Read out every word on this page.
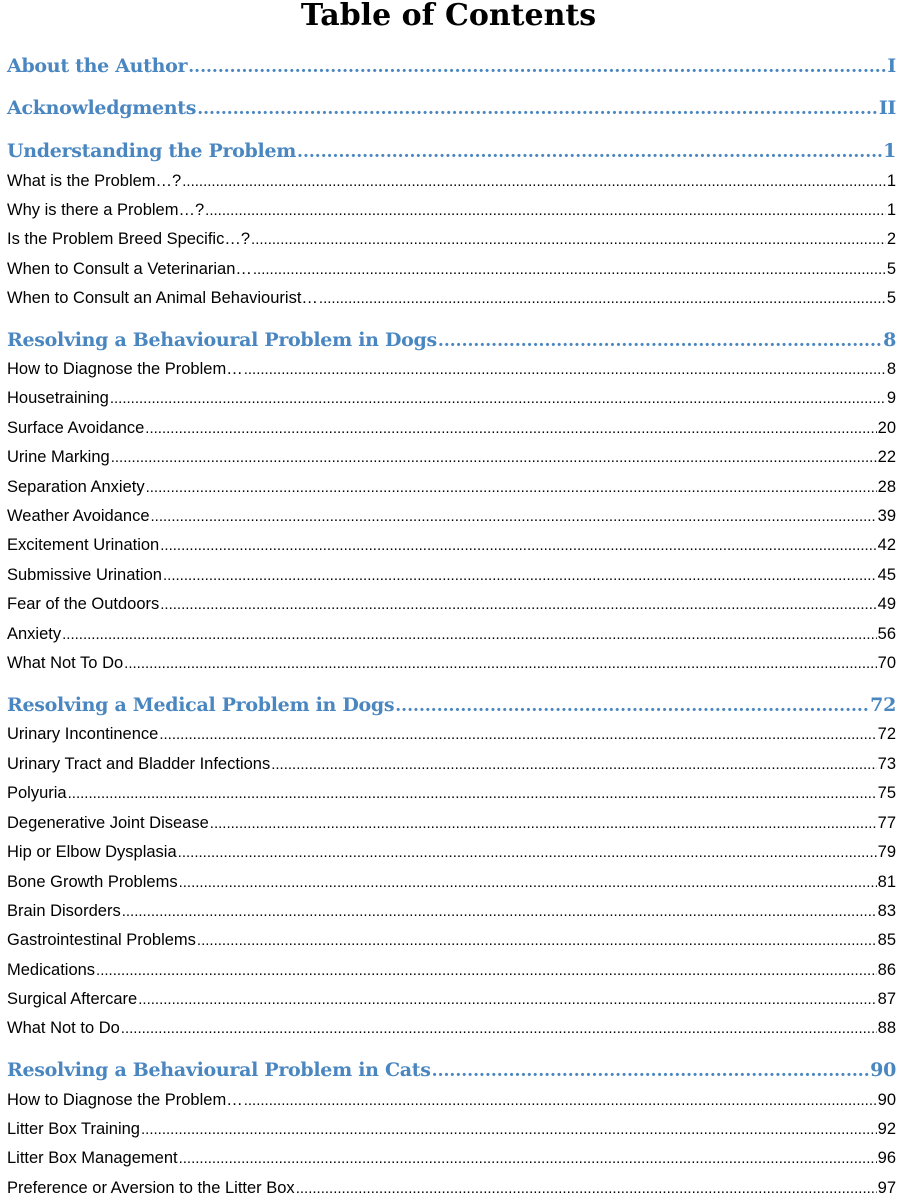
Table of Contents
About the Author .....	I
Acknowledgments .....	II
Understanding the Problem .....	1
What is the Problem…? .....	1
Why is there a Problem…? .....	1
Is the Problem Breed Specific…? .....	2
When to Consult a Veterinarian… .....	5
When to Consult an Animal Behaviourist… .....	5
Resolving a Behavioural Problem in Dogs .....	8
How to Diagnose the Problem… .....	8
Housetraining .....	9
Surface Avoidance .....	20
Urine Marking .....	22
Separation Anxiety .....	28
Weather Avoidance .....	39
Excitement Urination .....	42
Submissive Urination .....	45
Fear of the Outdoors .....	49
Anxiety .....	56
What Not To Do .....	70
Resolving a Medical Problem in Dogs .....	72
Urinary Incontinence .....	72
Urinary Tract and Bladder Infections .....	73
Polyuria .....	75
Degenerative Joint Disease .....	77
Hip or Elbow Dysplasia .....	79
Bone Growth Problems .....	81
Brain Disorders .....	83
Gastrointestinal Problems .....	85
Medications .....	86
Surgical Aftercare .....	87
What Not to Do .....	88
Resolving a Behavioural Problem in Cats .....	90
How to Diagnose the Problem… .....	90
Litter Box Training .....	92
Litter Box Management .....	96
Preference or Aversion to the Litter Box .....	97
